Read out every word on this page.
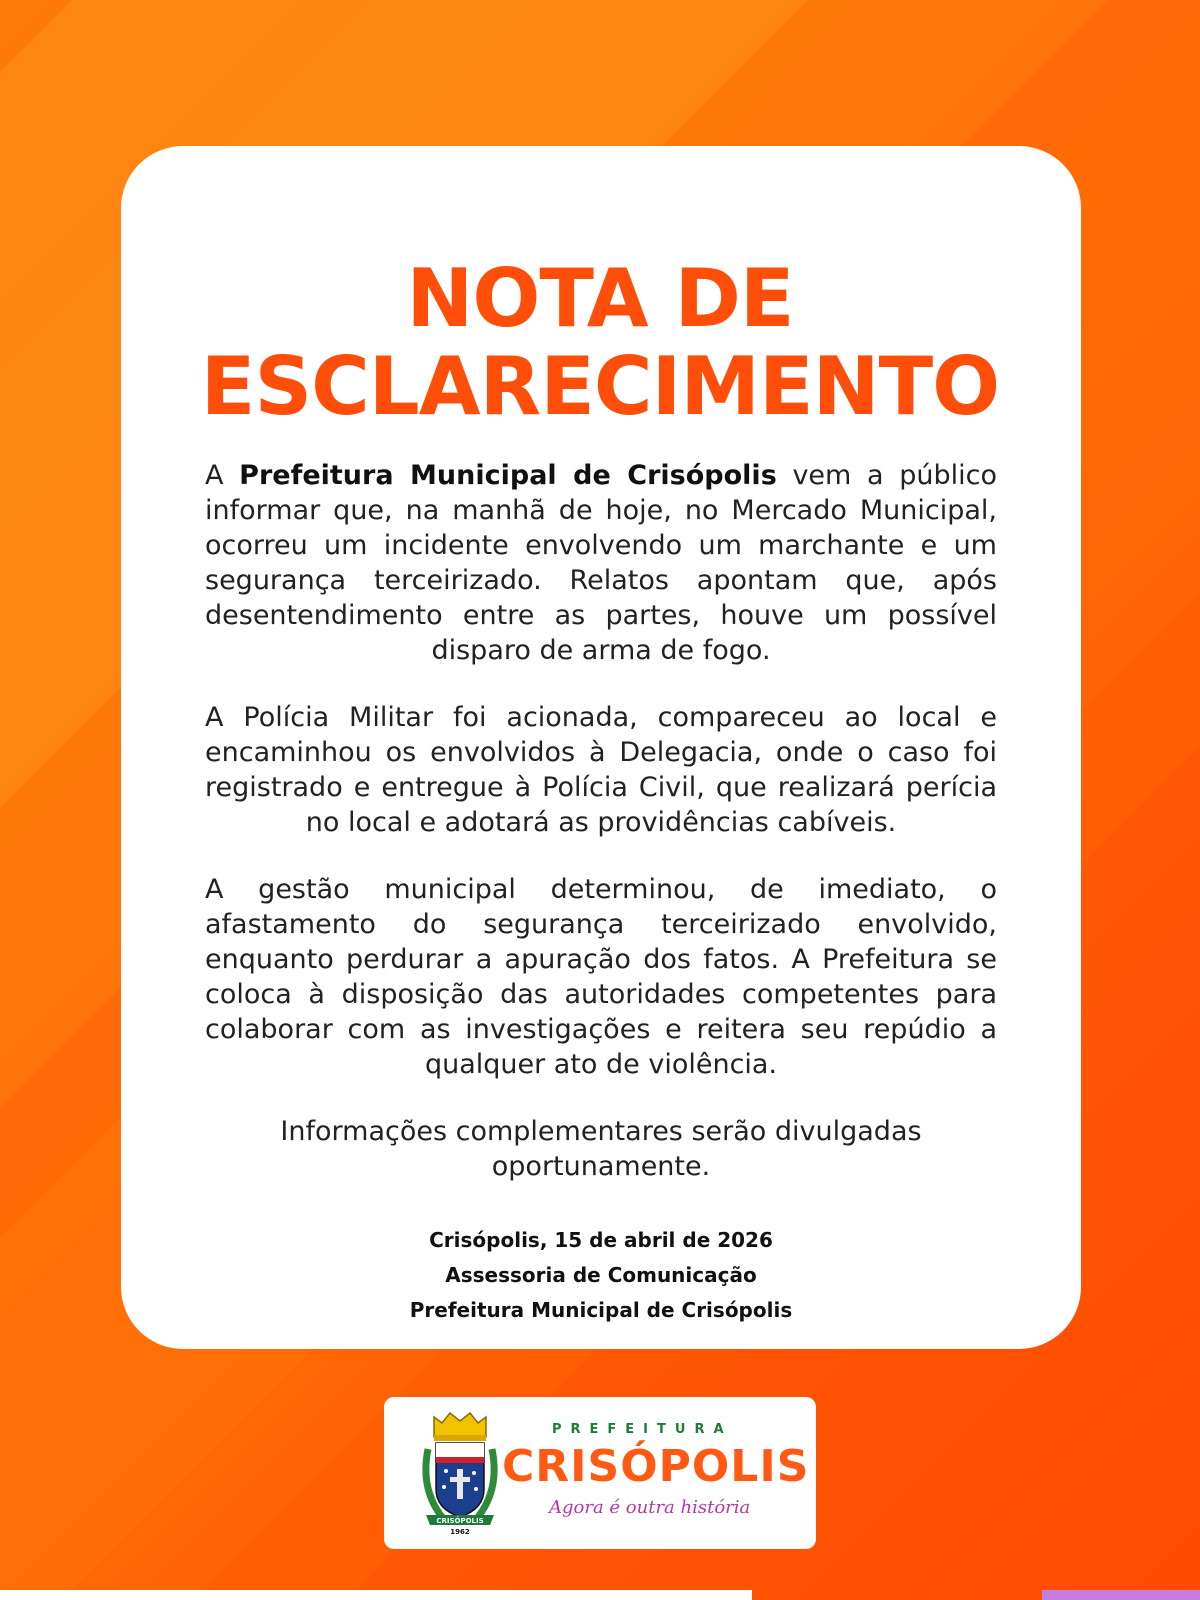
NOTA DE
ESCLARECIMENTO

A Prefeitura Municipal de Crisópolis vem a público informar que, na manhã de hoje, no Mercado Municipal, ocorreu um incidente envolvendo um marchante e um segurança terceirizado. Relatos apontam que, após desentendimento entre as partes, houve um possível disparo de arma de fogo.

A Polícia Militar foi acionada, compareceu ao local e encaminhou os envolvidos à Delegacia, onde o caso foi registrado e entregue à Polícia Civil, que realizará perícia no local e adotará as providências cabíveis.

A gestão municipal determinou, de imediato, o afastamento do segurança terceirizado envolvido, enquanto perdurar a apuração dos fatos. A Prefeitura se coloca à disposição das autoridades competentes para colaborar com as investigações e reitera seu repúdio a qualquer ato de violência.

Informações complementares serão divulgadas oportunamente.

Crisópolis, 15 de abril de 2026
Assessoria de Comunicação
Prefeitura Municipal de Crisópolis
CRISÓPOLIS
1962
PREFEITURA
CRISÓPOLIS
Agora é outra história
